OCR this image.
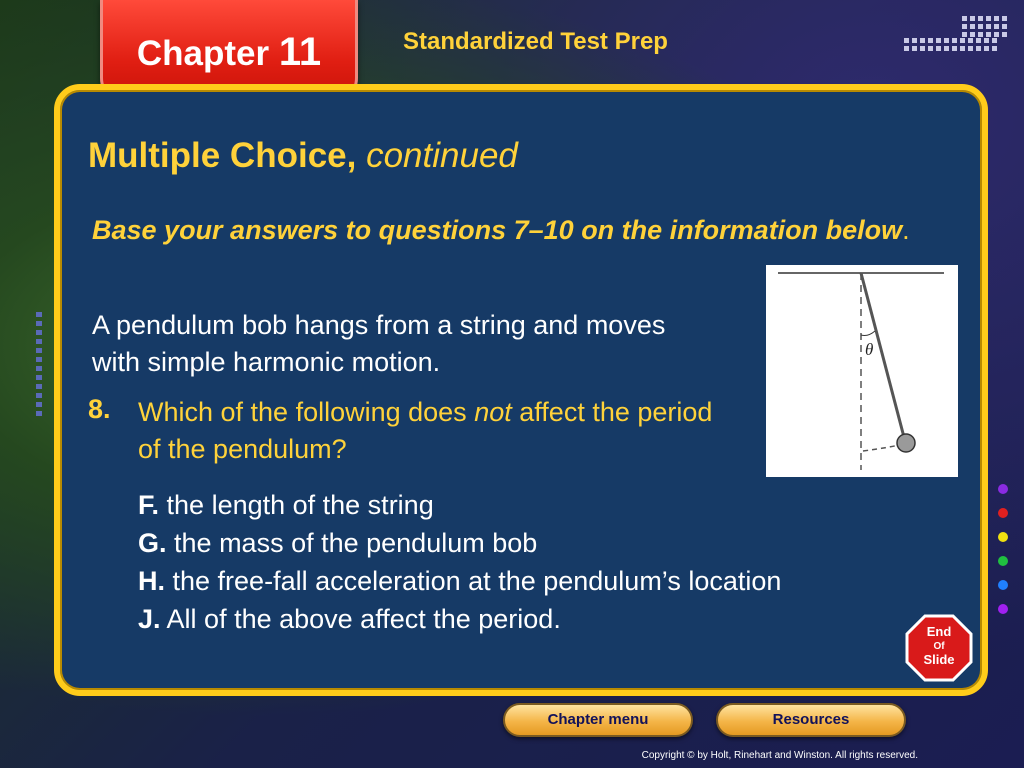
Chapter 11	Standardized Test Prep
Multiple Choice, continued
Base your answers to questions 7–10 on the information below.
A pendulum bob hangs from a string and moves with simple harmonic motion.
8. Which of the following does not affect the period of the pendulum?
F. the length of the string
G. the mass of the pendulum bob
H. the free-fall acceleration at the pendulum’s location
J. All of the above affect the period.
θ
End
Of
Slide
Chapter menu	Resources
Copyright © by Holt, Rinehart and Winston. All rights reserved.
